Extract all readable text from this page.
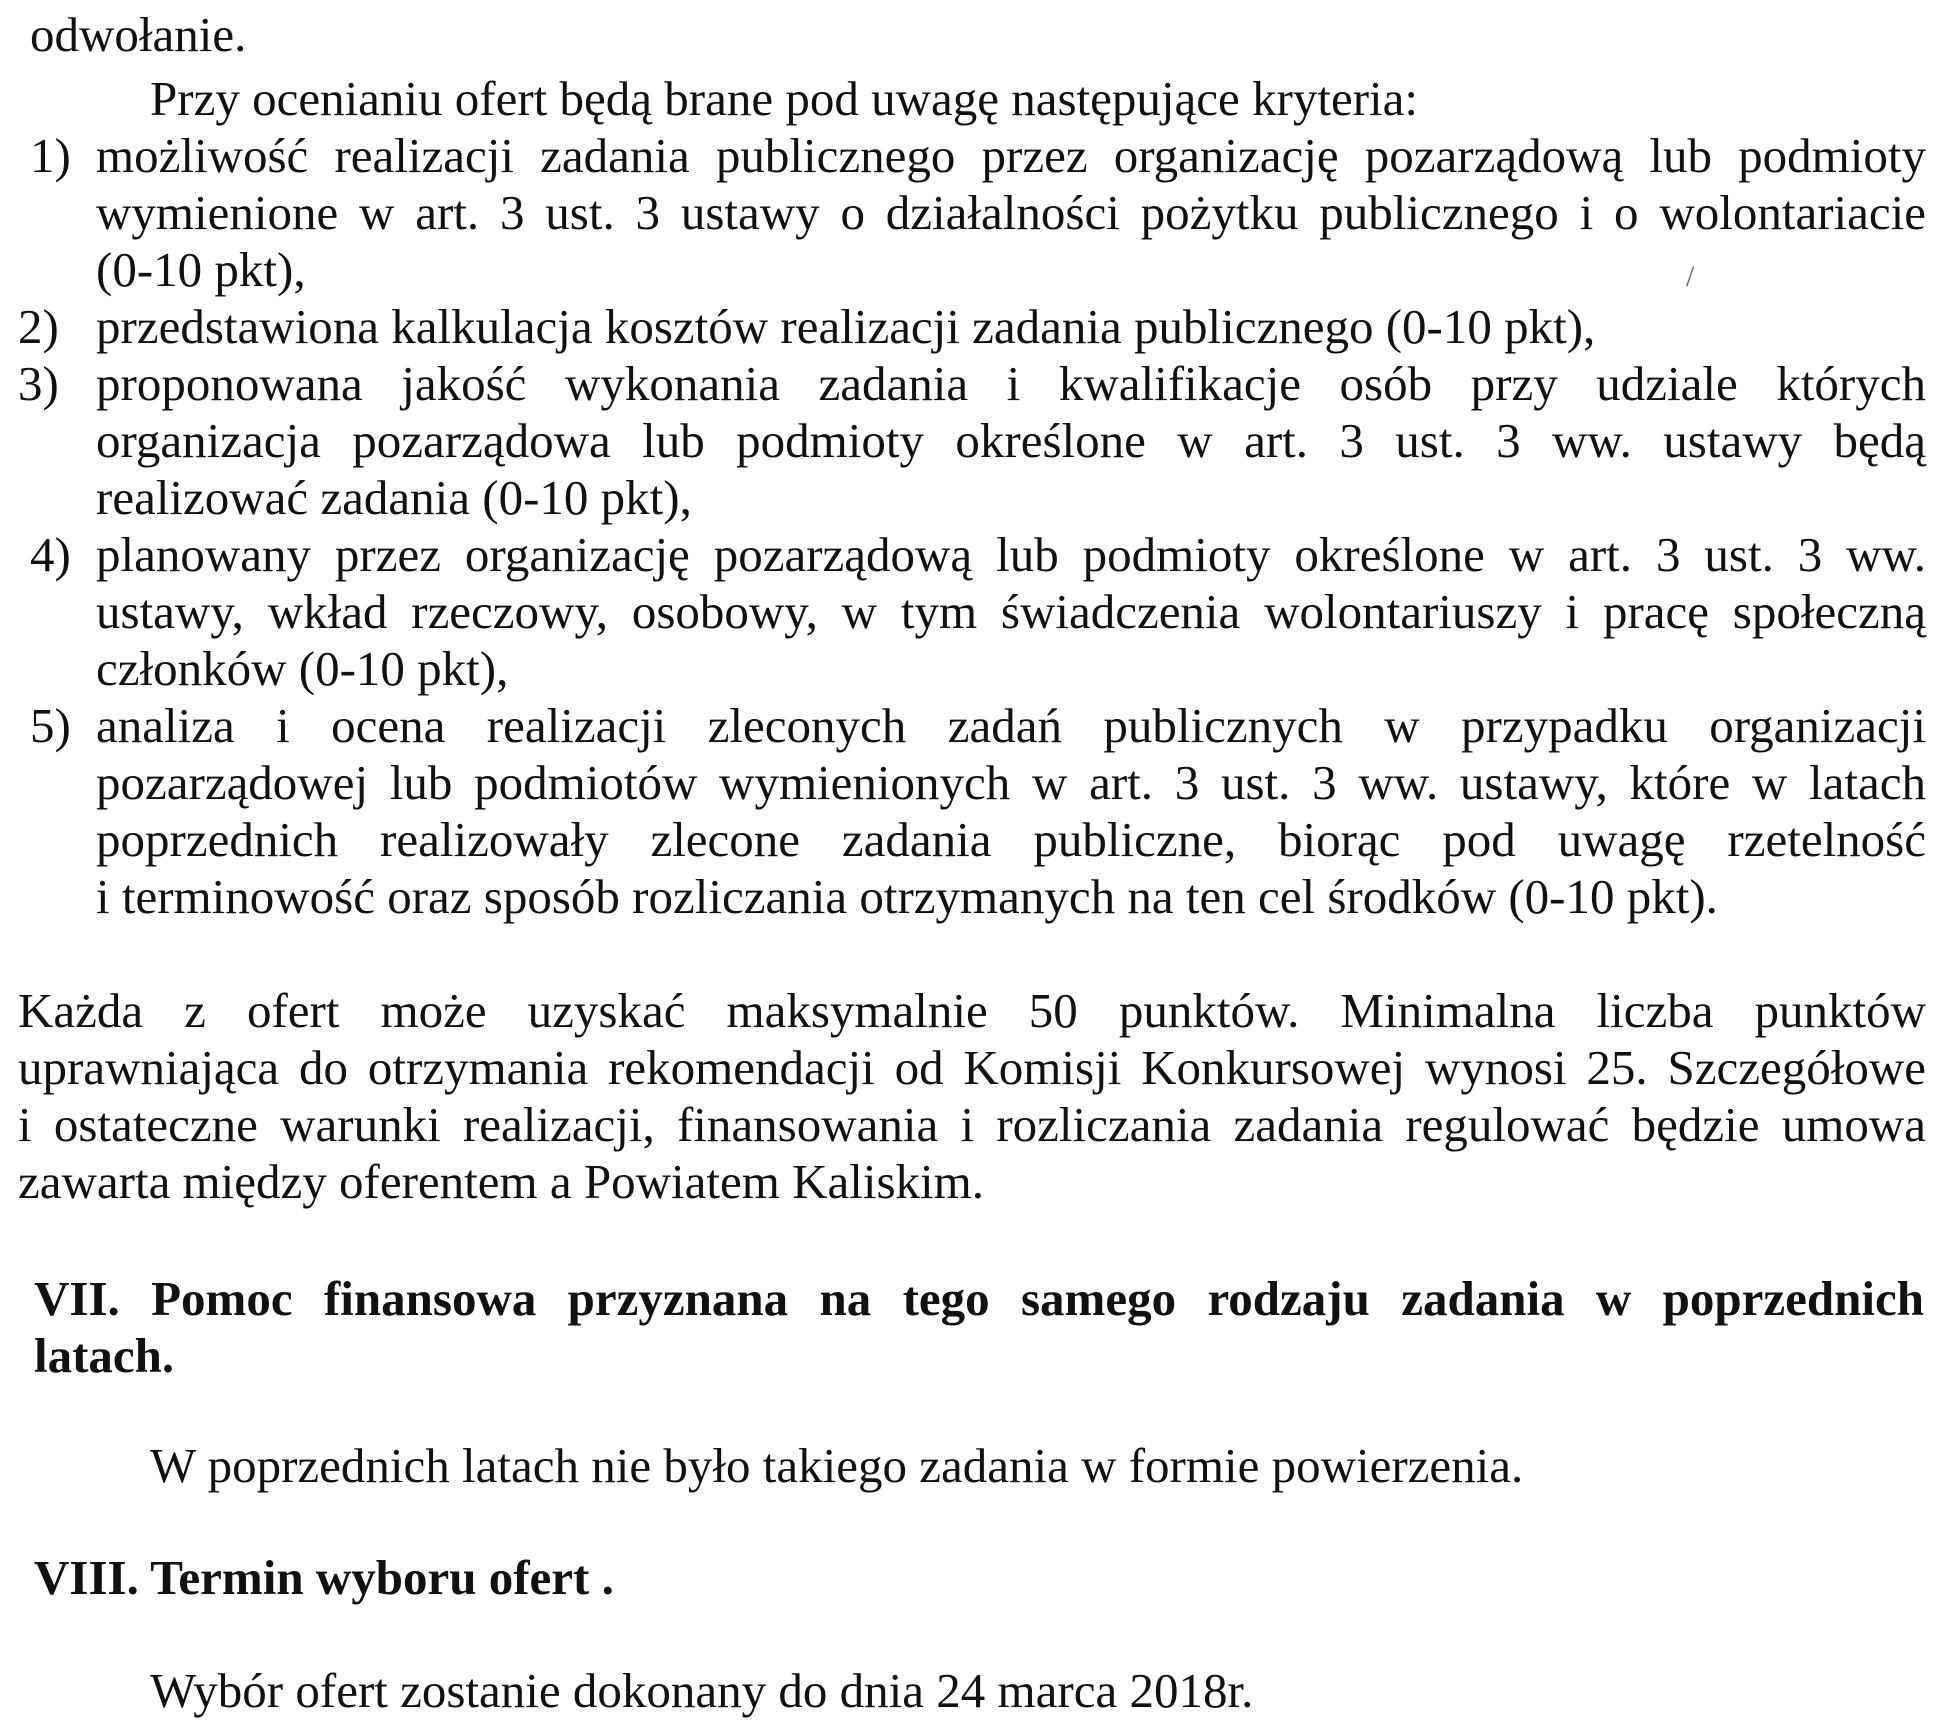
odwołanie.
Przy ocenianiu ofert będą brane pod uwagę następujące kryteria:
1) możliwość realizacji zadania publicznego przez organizację pozarządową lub podmioty
wymienione w art. 3 ust. 3 ustawy o działalności pożytku publicznego i o wolontariacie
(0-10 pkt),
2) przedstawiona kalkulacja kosztów realizacji zadania publicznego (0-10 pkt),
3) proponowana jakość wykonania zadania i kwalifikacje osób przy udziale których
organizacja pozarządowa lub podmioty określone w art. 3 ust. 3 ww. ustawy będą
realizować zadania (0-10 pkt),
4) planowany przez organizację pozarządową lub podmioty określone w art. 3 ust. 3 ww.
ustawy, wkład rzeczowy, osobowy, w tym świadczenia wolontariuszy i pracę społeczną
członków (0-10 pkt),
5) analiza i ocena realizacji zleconych zadań publicznych w przypadku organizacji
pozarządowej lub podmiotów wymienionych w art. 3 ust. 3 ww. ustawy, które w latach
poprzednich realizowały zlecone zadania publiczne, biorąc pod uwagę rzetelność
i terminowość oraz sposób rozliczania otrzymanych na ten cel środków (0-10 pkt).
Każda z ofert może uzyskać maksymalnie 50 punktów. Minimalna liczba punktów
uprawniająca do otrzymania rekomendacji od Komisji Konkursowej wynosi 25. Szczegółowe
i ostateczne warunki realizacji, finansowania i rozliczania zadania regulować będzie umowa
zawarta między oferentem a Powiatem Kaliskim.
VII. Pomoc finansowa przyznana na tego samego rodzaju zadania w poprzednich
latach.
W poprzednich latach nie było takiego zadania w formie powierzenia.
VIII. Termin wyboru ofert .
Wybór ofert zostanie dokonany do dnia 24 marca 2018r.
/
